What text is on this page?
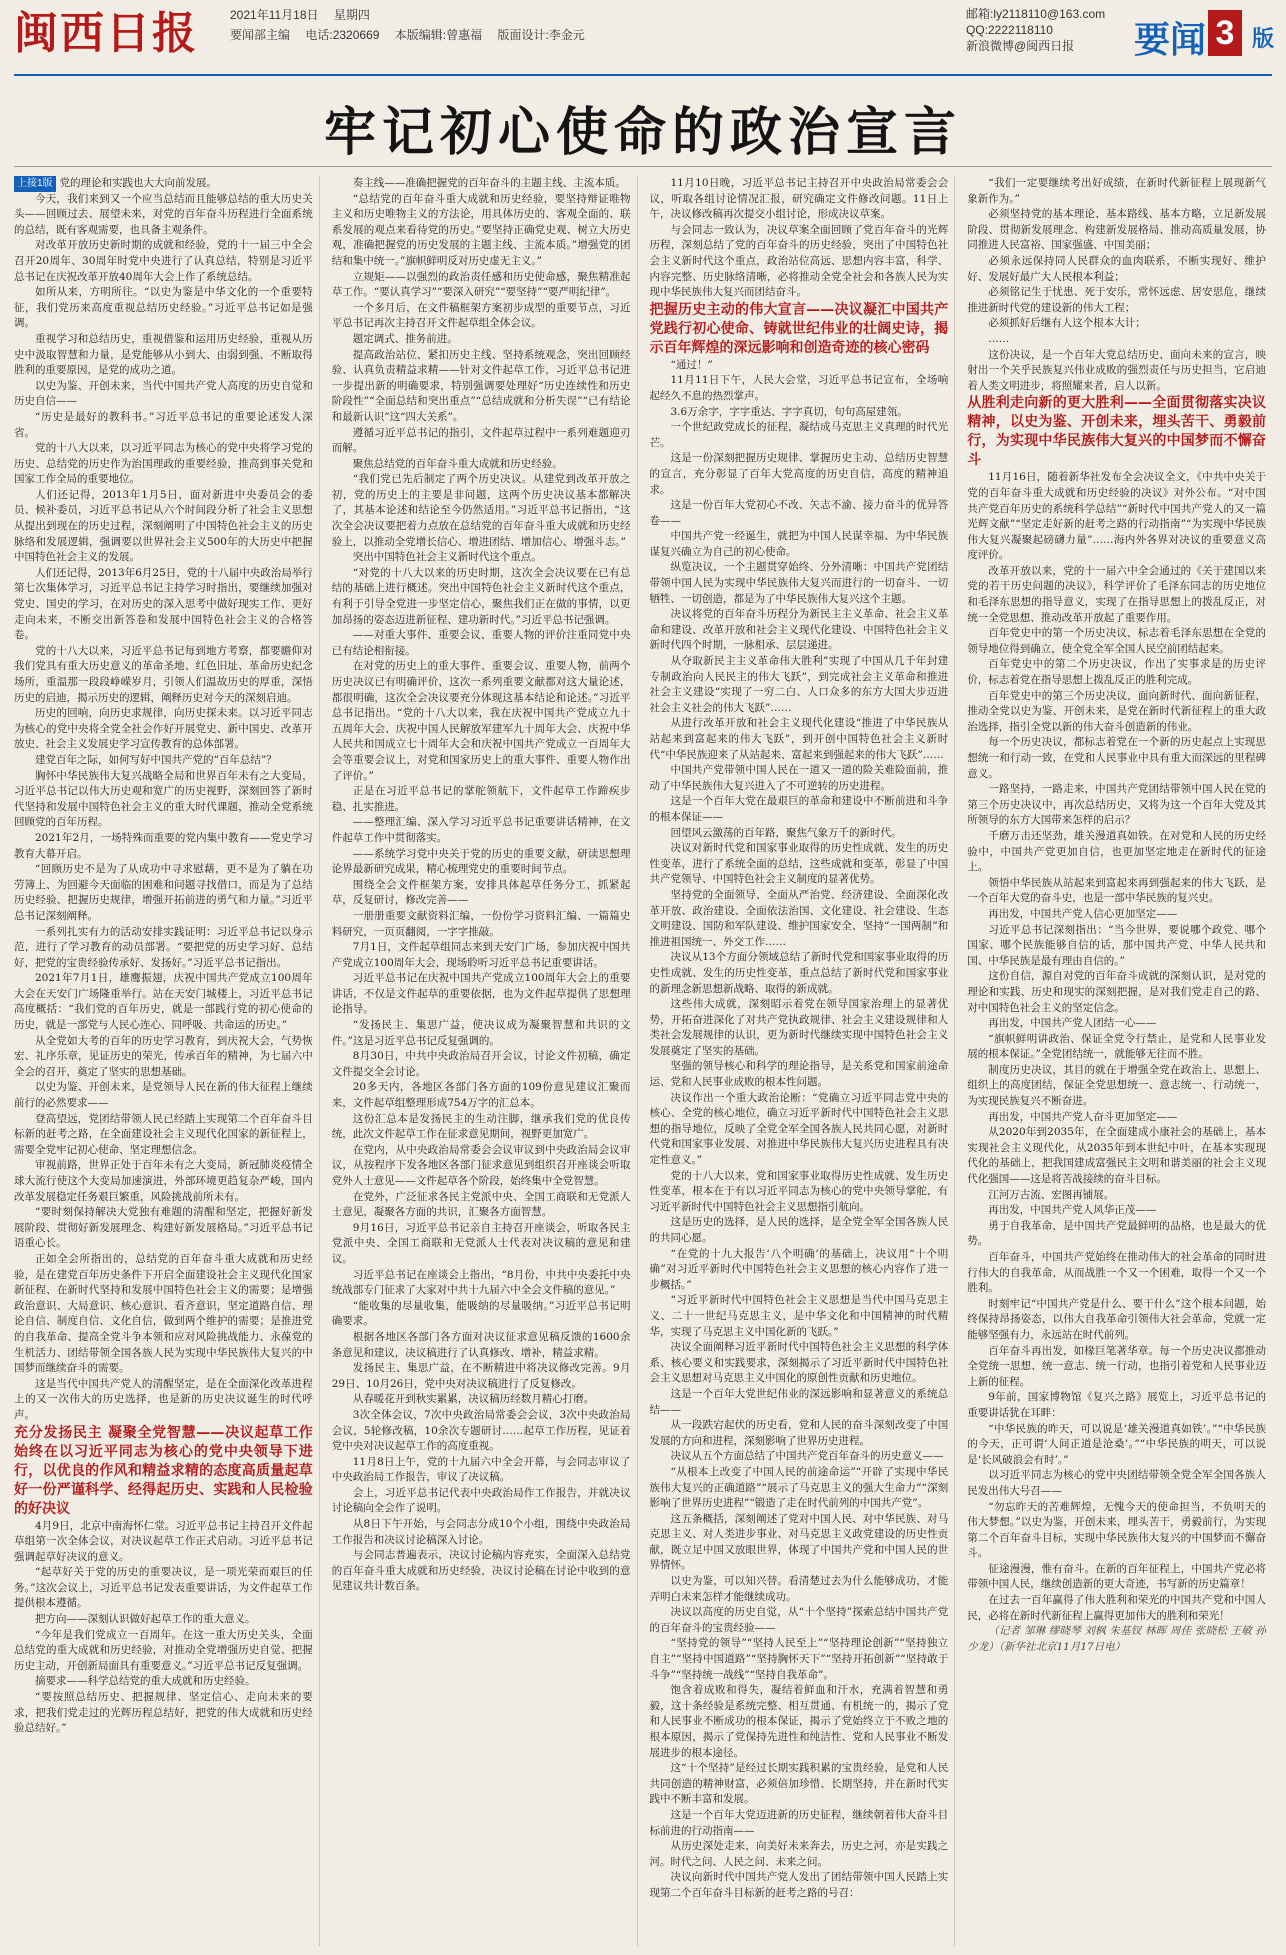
闽西日报	2021年11月18日 星期四
要闻部主编 电话:2320669 本版编辑:曾惠福 版面设计:李金元
邮箱:ly2118110@163.com
QQ:2222118110
新浪微博@闽西日报	要闻 3 版
牢记初心使命的政治宣言
上接1版 党的理论和实践也大大向前发展。

今天，我们来到又一个应当总结而且能够总结的重大历史关头——回顾过去、展望未来，对党的百年奋斗历程进行全面系统的总结，既有客观需要，也具备主观条件。

对改革开放历史新时期的成就和经验，党的十一届三中全会召开20周年、30周年时党中央进行了认真总结，特别是习近平总书记在庆祝改革开放40周年大会上作了系统总结。

如所从来，方明所往。“以史为鉴是中华文化的一个重要特征，我们党历来高度重视总结历史经验。”习近平总书记如是强调。

重视学习和总结历史，重视借鉴和运用历史经验，重视从历史中汲取智慧和力量，是党能够从小到大、由弱到强、不断取得胜利的重要原因，是党的成功之道。

以史为鉴、开创未来，当代中国共产党人高度的历史自觉和历史自信——

“历史是最好的教科书。”习近平总书记的重要论述发人深省。

党的十八大以来，以习近平同志为核心的党中央将学习党的历史、总结党的历史作为治国理政的重要经验，推高到事关党和国家工作全局的重要地位。

人们还记得，2013年1月5日，面对新进中央委员会的委员、候补委员，习近平总书记从六个时间段分析了社会主义思想从提出到现在的历史过程，深刻阐明了中国特色社会主义的历史脉络和发展逻辑，强调要以世界社会主义500年的大历史中把握中国特色社会主义的发展。

人们还记得，2013年6月25日，党的十八届中央政治局举行第七次集体学习，习近平总书记主持学习时指出，要继续加强对党史、国史的学习，在对历史的深入思考中做好现实工作、更好走向未来，不断交出新答卷和发展中国特色社会主义的合格答卷。

党的十八大以来，习近平总书记每到地方考察，都要瞻仰对我们党具有重大历史意义的革命圣地、红色旧址、革命历史纪念场所，重温那一段段峥嵘岁月，引领人们温故历史的厚重，深悟历史的启迪，揭示历史的逻辑，阐释历史对今天的深刻启迪。

历史的回响，向历史求规律，向历史探未来。以习近平同志为核心的党中央将全党全社会作好开展党史、新中国史、改革开放史、社会主义发展史学习宣传教育的总体部署。

建党百年之际，如何写好中国共产党的“百年总结”？

胸怀中华民族伟大复兴战略全局和世界百年未有之大变局，习近平总书记以伟大历史观和宽广的历史视野，深刻回答了新时代坚持和发展中国特色社会主义的重大时代课题，推动全党系统回顾党的百年历程。

2021年2月，一场特殊而重要的党内集中教育——党史学习教育大幕开启。

“回顾历史不是为了从成功中寻求慰藉，更不是为了躺在功劳簿上、为回避今天面临的困难和问题寻找借口，而是为了总结历史经验、把握历史规律，增强开拓前进的勇气和力量。”习近平总书记深刻阐释。

一系列扎实有力的活动安排实践证明：习近平总书记以身示范，进行了学习教育的动员部署。“要把党的历史学习好、总结好，把党的宝贵经验传承好、发扬好。”习近平总书记指出。

2021年7月1日，雄鹰振翅，庆祝中国共产党成立100周年大会在天安门广场隆重举行。站在天安门城楼上，习近平总书记高度概括：“我们党的百年历史，就是一部践行党的初心使命的历史，就是一部党与人民心连心、同呼吸、共命运的历史。”

从全党如大考的百年的历史学习教育，到庆祝大会，气势恢宏、礼序乐章，见证历史的荣光，传承百年的精神，为七届六中全会的召开，奠定了坚实的思想基础。

以史为鉴、开创未来，是党领导人民在新的伟大征程上继续前行的必然要求——

登高望远，党团结带领人民已经踏上实现第二个百年奋斗目标新的赶考之路，在全面建设社会主义现代化国家的新征程上，需要全党牢记初心使命、坚定理想信念。

审视前路，世界正处于百年未有之大变局，新冠肺炎疫情全球大流行使这个大变局加速演进，外部环境更趋复杂严峻，国内改革发展稳定任务艰巨繁重，风险挑战前所未有。

“要时刻保持解决大党独有难题的清醒和坚定，把握好新发展阶段、贯彻好新发展理念、构建好新发展格局。”习近平总书记语重心长。

正如全会所指出的，总结党的百年奋斗重大成就和历史经验，是在建党百年历史条件下开启全面建设社会主义现代化国家新征程、在新时代坚持和发展中国特色社会主义的需要；是增强政治意识、大局意识、核心意识、看齐意识，坚定道路自信、理论自信、制度自信、文化自信，做到两个维护的需要；是推进党的自我革命、提高全党斗争本领和应对风险挑战能力、永葆党的生机活力、团结带领全国各族人民为实现中华民族伟大复兴的中国梦而继续奋斗的需要。

这是当代中国共产党人的清醒坚定，是在全面深化改革进程上的又一次伟大的历史选择，也是新的历史决议诞生的时代呼声。

充分发扬民主 凝聚全党智慧——决议起草工作始终在以习近平同志为核心的党中央领导下进行，以优良的作风和精益求精的态度高质量起草好一份严谨科学、经得起历史、实践和人民检验的好决议

4月9日，北京中南海怀仁堂。习近平总书记主持召开文件起草组第一次全体会议，对决议起草工作正式启动。习近平总书记强调起草好决议的意义。

“起草好关于党的历史的重要决议，是一项光荣而艰巨的任务。”这次会议上，习近平总书记发表重要讲话，为文件起草工作提供根本遵循。

把方向——深刻认识做好起草工作的重大意义。

“今年是我们党成立一百周年。在这一重大历史关头，全面总结党的重大成就和历史经验，对推动全党增强历史自觉、把握历史主动，开创新局面具有重要意义。”习近平总书记反复强调。

摘要求——科学总结党的重大成就和历史经验。

“要按照总结历史、把握规律、坚定信心、走向未来的要求，把我们党走过的光辉历程总结好，把党的伟大成就和历史经验总结好。”

奏主线——准确把握党的百年奋斗的主题主线、主流本质。

“总结党的百年奋斗重大成就和历史经验，要坚持辩证唯物主义和历史唯物主义的方法论，用具体历史的、客观全面的、联系发展的观点来看待党的历史。”要坚持正确党史观、树立大历史观，准确把握党的历史发展的主题主线、主流本质。”增强党的团结和集中统一。”旗帜鲜明反对历史虚无主义。”

立规矩——以强烈的政治责任感和历史使命感，聚焦精准起草工作。“要认真学习”“要深入研究”“要坚持”“要严明纪律”。

一个多月后，在文件稿框架方案初步成型的重要节点，习近平总书记再次主持召开文件起草组全体会议。

题定调式、推务前进。

提高政治站位、紧扣历史主线、坚持系统观念，突出回顾经验、认真负责精益求精——针对文件起草工作，习近平总书记进一步提出新的明确要求，特别强调要处理好“历史连续性和历史阶段性”“全面总结和突出重点”“总结成就和分析失误”“已有结论和最新认识”这“四大关系”。

遵循习近平总书记的指引，文件起草过程中一系列难题迎刃而解。

聚焦总结党的百年奋斗重大成就和历史经验。

“我们党已先后制定了两个历史决议。从建党到改革开放之初，党的历史上的主要是非问题，这两个历史决议基本都解决了，其基本论述和结论至今仍然适用。”习近平总书记指出，“这次全会决议要把着力点放在总结党的百年奋斗重大成就和历史经验上，以推动全党增长信心、增进团结、增加信心、增强斗志。”

突出中国特色社会主义新时代这个重点。

“对党的十八大以来的历史时期，这次全会决议要在已有总结的基础上进行概述。突出中国特色社会主义新时代这个重点，有利于引导全党进一步坚定信心，聚焦我们正在做的事情，以更加昂扬的姿态迈进新征程、建功新时代。”习近平总书记强调。

——对重大事件、重要会议、重要人物的评价注重同党中央已有结论相衔接。

在对党的历史上的重大事件、重要会议、重要人物，前两个历史决议已有明确评价，这次一系列重要文献都对这大量论述，都很明确，这次全会决议要充分体现这基本结论和论述。”习近平总书记指出。“党的十八大以来，我在庆祝中国共产党成立九十五周年大会、庆祝中国人民解放军建军九十周年大会、庆祝中华人民共和国成立七十周年大会和庆祝中国共产党成立一百周年大会等重要会议上，对党和国家历史上的重大事件、重要人物作出了评价。”

正是在习近平总书记的掌舵领航下，文件起草工作蹄疾步稳、扎实推进。

——整理汇编、深入学习习近平总书记重要讲话精神，在文件起草工作中贯彻落实。

——系统学习党中央关于党的历史的重要文献，研读思想理论界最新研究成果，精心梳理党史的重要时间节点。

围绕全会文件框架方案，安排具体起草任务分工，抓紧起草，反复研讨，修改完善——

一册册重要文献资料汇编，一份份学习资料汇编、一篇篇史料研究，一页页翻阅，一字字推敲。

7月1日，文件起草组同志来到天安门广场，参加庆祝中国共产党成立100周年大会，现场聆听习近平总书记重要讲话。

习近平总书记在庆祝中国共产党成立100周年大会上的重要讲话，不仅是文件起草的重要依据，也为文件起草提供了思想理论指导。

“发扬民主、集思广益，使决议成为凝聚智慧和共识的文件。”这是习近平总书记反复强调的。

8月30日，中共中央政治局召开会议，讨论文件初稿，确定文件提交全会讨论。

20多天内，各地区各部门各方面的109份意见建议汇聚而来，文件起草组整理形成754万字的汇总本。

这份汇总本是发扬民主的生动注脚，继承我们党的优良传统，此次文件起草工作在征求意见期间，视野更加宽广。

在党内，从中央政治局常委会会议审议到中央政治局会议审议，从按程序下发各地区各部门征求意见到组织召开座谈会听取党外人士意见——文件起草各个阶段，始终集中全党智慧。

在党外，广泛征求各民主党派中央、全国工商联和无党派人士意见，凝聚各方面的共识，汇聚各方面智慧。

9月16日，习近平总书记亲自主持召开座谈会，听取各民主党派中央、全国工商联和无党派人士代表对决议稿的意见和建议。

习近平总书记在座谈会上指出，“8月份，中共中央委托中央统战部专门征求了大家对中共十九届六中全会文件稿的意见。”

“能收集的尽量收集，能吸纳的尽量吸纳。”习近平总书记明确要求。

根据各地区各部门各方面对决议征求意见稿反馈的1600余条意见和建议，决议稿进行了认真修改、增补，精益求精。

发扬民主、集思广益，在不断精进中将决议修改完善。9月29日、10月26日，党中央对决议稿进行了反复修改。

从春暖花开到秋实累累，决议稿历经数月精心打磨。

3次全体会议，7次中央政治局常委会会议，3次中央政治局会议，5轮修改稿，10余次专题研讨……起草工作历程，见证着党中央对决议起草工作的高度重视。

11月8日上午，党的十九届六中全会开幕，与会同志审议了中央政治局工作报告，审议了决议稿。

会上，习近平总书记代表中央政治局作工作报告，并就决议讨论稿向全会作了说明。

从8日下午开始，与会同志分成10个小组，围绕中央政治局工作报告和决议讨论稿深入讨论。

与会同志普遍表示，决议讨论稿内容充实，全面深入总结党的百年奋斗重大成就和历史经验，决议讨论稿在讨论中收到的意见建议共计数百条。

11月10日晚，习近平总书记主持召开中央政治局常委会会议，听取各组讨论情况汇报，研究确定文件修改问题。11日上午，决议修改稿再次提交小组讨论，形成决议草案。

与会同志一致认为，决议草案全面回顾了党百年奋斗的光辉历程，深刻总结了党的百年奋斗的历史经验，突出了中国特色社会主义新时代这个重点，政治站位高远、思想内容丰富，科学、内容完整、历史脉络清晰，必将推动全党全社会和各族人民为实现中华民族伟大复兴而团结奋斗。

把握历史主动的伟大宣言——决议凝汇中国共产党践行初心使命、铸就世纪伟业的壮阔史诗，揭示百年辉煌的深远影响和创造奇迹的核心密码

“通过！”

11月11日下午，人民大会堂，习近平总书记宣布，全场响起经久不息的热烈掌声。

3.6万余字，字字重达、字字真切，句句高屋建瓴。

一个世纪政党成长的征程，凝结成马克思主义真理的时代光芒。

这是一份深刻把握历史规律、掌握历史主动、总结历史智慧的宣言，充分彰显了百年大党高度的历史自信，高度的精神追求。

这是一份百年大党初心不改、矢志不渝、接力奋斗的优异答卷——

中国共产党一经诞生，就把为中国人民谋幸福、为中华民族谋复兴确立为自己的初心使命。

纵览决议，一个主题贯穿始终、分外清晰：中国共产党团结带领中国人民为实现中华民族伟大复兴而进行的一切奋斗、一切牺牲、一切创造，都是为了中华民族伟大复兴这个主题。

决议将党的百年奋斗历程分为新民主主义革命、社会主义革命和建设、改革开放和社会主义现代化建设、中国特色社会主义新时代四个时期，一脉相承、层层递进。

从夺取新民主主义革命伟大胜利”实现了中国从几千年封建专制政治向人民民主的伟大飞跃”，到完成社会主义革命和推进社会主义建设“实现了一穷二白、人口众多的东方大国大步迈进社会主义社会的伟大飞跃”……

从进行改革开放和社会主义现代化建设“推进了中华民族从站起来到富起来的伟大飞跃”，到开创中国特色社会主义新时代“中华民族迎来了从站起来、富起来到强起来的伟大飞跃”……

中国共产党带领中国人民在一道又一道的险关难险面前，推动了中华民族伟大复兴进入了不可逆转的历史进程。

这是一个百年大党在最艰巨的革命和建设中不断前进和斗争的根本保证——

回望风云激荡的百年路，聚焦气象万千的新时代。

决议对新时代党和国家事业取得的历史性成就、发生的历史性变革，进行了系统全面的总结，这些成就和变革，彰显了中国共产党领导、中国特色社会主义制度的显著优势。

坚持党的全面领导、全面从严治党、经济建设、全面深化改革开放、政治建设、全面依法治国、文化建设、社会建设、生态文明建设、国防和军队建设、维护国家安全、坚持“一国两制”和推进祖国统一、外交工作……

决议从13个方面分领域总结了新时代党和国家事业取得的历史性成就、发生的历史性变革，重点总结了新时代党和国家事业的新理念新思想新战略、取得的新成就。

这些伟大成就，深刻昭示着党在领导国家治理上的显著优势，开拓奋进深化了对共产党执政规律、社会主义建设规律和人类社会发展规律的认识，更为新时代继续实现中国特色社会主义发展奠定了坚实的基础。

坚强的领导核心和科学的理论指导，是关系党和国家前途命运、党和人民事业成败的根本性问题。

决议作出一个重大政治论断：“党确立习近平同志党中央的核心、全党的核心地位，确立习近平新时代中国特色社会主义思想的指导地位，反映了全党全军全国各族人民共同心愿，对新时代党和国家事业发展、对推进中华民族伟大复兴历史进程具有决定性意义。”

党的十八大以来，党和国家事业取得历史性成就、发生历史性变革，根本在于有以习近平同志为核心的党中央领导掌舵，有习近平新时代中国特色社会主义思想指引航向。

这是历史的选择，是人民的选择，是全党全军全国各族人民的共同心愿。

“在党的十九大报告‘八个明确’的基础上，决议用“十个明确”对习近平新时代中国特色社会主义思想的核心内容作了进一步概括。”

“习近平新时代中国特色社会主义思想是当代中国马克思主义、二十一世纪马克思主义，是中华文化和中国精神的时代精华，实现了马克思主义中国化新的飞跃。”

决议全面阐释习近平新时代中国特色社会主义思想的科学体系、核心要义和实践要求，深刻揭示了习近平新时代中国特色社会主义思想对马克思主义中国化的原创性贡献和历史地位。

这是一个百年大党世纪伟业的深远影响和显著意义的系统总结——

从一段跌宕起伏的历史看，党和人民的奋斗深刻改变了中国发展的方向和进程，深刻影响了世界历史进程。

决议从五个方面总结了中国共产党百年奋斗的历史意义——

“从根本上改变了中国人民的前途命运”“开辟了实现中华民族伟大复兴的正确道路”“展示了马克思主义的强大生命力”“深刻影响了世界历史进程”“锻造了走在时代前列的中国共产党”。

这五条概括，深刻阐述了党对中国人民、对中华民族、对马克思主义、对人类进步事业、对马克思主义政党建设的历史性贡献，既立足中国又放眼世界，体现了中国共产党和中国人民的世界情怀。

以史为鉴，可以知兴替。看清楚过去为什么能够成功，才能弄明白未来怎样才能继续成功。

决议以高度的历史自觉，从“十个坚持”探索总结中国共产党的百年奋斗的宝贵经验——

“坚持党的领导”“坚持人民至上”“坚持理论创新”“坚持独立自主”“坚持中国道路”“坚持胸怀天下”“坚持开拓创新”“坚持敢于斗争”“坚持统一战线”“坚持自我革命”。

饱含着成败和得失，凝结着鲜血和汗水，充满着智慧和勇毅，这十条经验是系统完整、相互贯通、有机统一的，揭示了党和人民事业不断成功的根本保证，揭示了党始终立于不败之地的根本原因，揭示了党保持先进性和纯洁性、党和人民事业不断发展进步的根本途径。

这“十个坚持”是经过长期实践积累的宝贵经验，是党和人民共同创造的精神财富，必须倍加珍惜、长期坚持，并在新时代实践中不断丰富和发展。

这是一个百年大党迈进新的历史征程，继续朝着伟大奋斗目标前进的行动指南——

从历史深处走来，向美好未来奔去，历史之河，亦是实践之河。时代之问、人民之问、未来之问。

决议向新时代中国共产党人发出了团结带领中国人民踏上实现第二个百年奋斗目标新的赶考之路的号召：

“我们一定要继续考出好成绩，在新时代新征程上展现新气象新作为。”

必须坚持党的基本理论、基本路线、基本方略，立足新发展阶段、贯彻新发展理念、构建新发展格局、推动高质量发展，协同推进人民富裕、国家强盛、中国美丽；

必须永远保持同人民群众的血肉联系，不断实现好、维护好、发展好最广大人民根本利益；

必须铭记生于忧患、死于安乐，常怀远虑、居安思危，继续推进新时代党的建设新的伟大工程；

必须抓好后继有人这个根本大计；

……

这份决议，是一个百年大党总结历史、面向未来的宣言，映射出一个关乎民族复兴伟业成败的强烈责任与历史担当，它启迪着人类文明进步，将照耀来者，启人以新。

从胜利走向新的更大胜利——全面贯彻落实决议精神，以史为鉴、开创未来，埋头苦干、勇毅前行，为实现中华民族伟大复兴的中国梦而不懈奋斗

11月16日，随着新华社发布全会决议全文，《中共中央关于党的百年奋斗重大成就和历史经验的决议》对外公布。“对中国共产党百年历史的系统科学总结”“新时代中国共产党人的又一篇光辉文献”“坚定走好新的赶考之路的行动指南”“为实现中华民族伟大复兴凝聚起磅礴力量”……海内外各界对决议的重要意义高度评价。

改革开放以来，党的十一届六中全会通过的《关于建国以来党的若干历史问题的决议》，科学评价了毛泽东同志的历史地位和毛泽东思想的指导意义，实现了在指导思想上的拨乱反正，对统一全党思想、推动改革开放起了重要作用。

百年党史中的第一个历史决议，标志着毛泽东思想在全党的领导地位得到确立，使全党全军全国人民空前团结起来。

百年党史中的第二个历史决议，作出了实事求是的历史评价，标志着党在指导思想上拨乱反正的胜利完成。

百年党史中的第三个历史决议，面向新时代、面向新征程，推动全党以史为鉴、开创未来，是党在新时代新征程上的重大政治选择，指引全党以新的伟大奋斗创造新的伟业。

每一个历史决议，都标志着党在一个新的历史起点上实现思想统一和行动一致，在党和人民事业中具有重大而深远的里程碑意义。

一路坚持，一路走来，中国共产党团结带领中国人民在党的第三个历史决议中，再次总结历史，又将为这一个百年大党及其所领导的东方大国带来怎样的启示？

千磨万击还坚劲，雄关漫道真如铁。在对党和人民的历史经验中，中国共产党更加自信，也更加坚定地走在新时代的征途上。

领悟中华民族从站起来到富起来再到强起来的伟大飞跃，是一个百年大党的奋斗史，也是一部中华民族的复兴史。

再出发，中国共产党人信心更加坚定——

习近平总书记深刻指出：“当今世界，要说哪个政党、哪个国家、哪个民族能够自信的话，那中国共产党、中华人民共和国、中华民族是最有理由自信的。”

这份自信，源自对党的百年奋斗成就的深刻认识，是对党的理论和实践、历史和现实的深刻把握，是对我们党走自己的路、对中国特色社会主义的坚定信念。

再出发，中国共产党人团结一心——

“旗帜鲜明讲政治、保证全党令行禁止，是党和人民事业发展的根本保证。”全党团结统一，就能够无往而不胜。

制度历史决议，其目的就在于增强全党在政治上、思想上、组织上的高度团结，保证全党思想统一、意志统一、行动统一，为实现民族复兴不断奋进。

再出发，中国共产党人奋斗更加坚定——

从2020年到2035年，在全面建成小康社会的基础上，基本实现社会主义现代化，从2035年到本世纪中叶，在基本实现现代化的基础上，把我国建成富强民主文明和谐美丽的社会主义现代化强国——这是将苦战接续的奋斗目标。

江河万古流、宏图再铺展。

再出发，中国共产党人风华正茂——

勇于自我革命，是中国共产党最鲜明的品格，也是最大的优势。

百年奋斗，中国共产党始终在推动伟大的社会革命的同时进行伟大的自我革命，从而战胜一个又一个困难，取得一个又一个胜利。

时刻牢记“中国共产党是什么、要干什么”这个根本问题，始终保持昂扬姿态，以伟大自我革命引领伟大社会革命，党就一定能够坚强有力，永远站在时代前列。

百年奋斗再出发，如椽巨笔著华章。每一个历史决议都推动全党统一思想、统一意志、统一行动，也指引着党和人民事业迈上新的征程。

9年前，国家博物馆《复兴之路》展览上，习近平总书记的重要讲话犹在耳畔：

“中华民族的昨天，可以说是‘雄关漫道真如铁’。”“中华民族的今天，正可谓‘人间正道是沧桑’。”“中华民族的明天，可以说是‘长风破浪会有时’。”

以习近平同志为核心的党中央团结带领全党全军全国各族人民发出伟大号召——

“勿忘昨天的苦难辉煌，无愧今天的使命担当，不负明天的伟大梦想。”以史为鉴，开创未来，埋头苦干，勇毅前行，为实现第二个百年奋斗目标，实现中华民族伟大复兴的中国梦而不懈奋斗。

征途漫漫，惟有奋斗。在新的百年征程上，中国共产党必将带领中国人民，继续创造新的更大奇迹，书写新的历史篇章！

在过去一百年赢得了伟大胜利和荣光的中国共产党和中国人民，必将在新时代新征程上赢得更加伟大的胜利和荣光！

（记者 邹琳 缪晓琴 刘枫 朱基钗 林晖 周佳 张晓松 王敏 孙少龙）（新华社北京11月17日电）
